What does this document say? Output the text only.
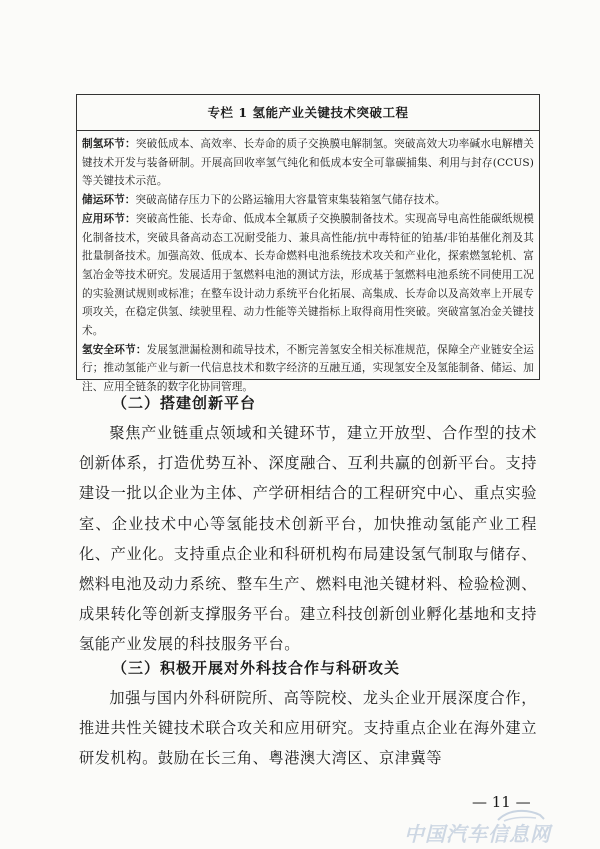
专栏 1 氢能产业关键技术突破工程
制氢环节：突破低成本、高效率、长寿命的质子交换膜电解制氢。突破高效大功率碱水电解槽关键技术开发与装备研制。开展高回收率氢气纯化和低成本安全可靠碳捕集、利用与封存(CCUS)等关键技术示范。
储运环节：突破高储存压力下的公路运输用大容量管束集装箱氢气储存技术。
应用环节：突破高性能、长寿命、低成本全氟质子交换膜制备技术。实现高导电高性能碳纸规模化制备技术，突破具备高动态工况耐受能力、兼具高性能/抗中毒特征的铂基/非铂基催化剂及其批量制备技术。加强高效、低成本、长寿命燃料电池系统技术攻关和产业化，探索燃氢轮机、富氢冶金等技术研究。发展适用于氢燃料电池的测试方法，形成基于氢燃料电池系统不同使用工况的实验测试规则或标准；在整车设计动力系统平台化拓展、高集成、长寿命以及高效率上开展专项攻关，在稳定供氢、续驶里程、动力性能等关键指标上取得商用性突破。突破富氢冶金关键技术。
氢安全环节：发展氢泄漏检测和疏导技术，不断完善氢安全相关标准规范，保障全产业链安全运行；推动氢能产业与新一代信息技术和数字经济的互融互通，实现氢安全及氢能制备、储运、加注、应用全链条的数字化协同管理。
（二）搭建创新平台
聚焦产业链重点领域和关键环节，建立开放型、合作型的技术创新体系，打造优势互补、深度融合、互利共赢的创新平台。支持建设一批以企业为主体、产学研相结合的工程研究中心、重点实验室、企业技术中心等氢能技术创新平台，加快推动氢能产业工程化、产业化。支持重点企业和科研机构布局建设氢气制取与储存、燃料电池及动力系统、整车生产、燃料电池关键材料、检验检测、成果转化等创新支撑服务平台。建立科技创新创业孵化基地和支持氢能产业发展的科技服务平台。
（三）积极开展对外科技合作与科研攻关
加强与国内外科研院所、高等院校、龙头企业开展深度合作，推进共性关键技术联合攻关和应用研究。支持重点企业在海外建立研发机构。鼓励在长三角、粤港澳大湾区、京津冀等
— 11 —
中国汽车信息网
